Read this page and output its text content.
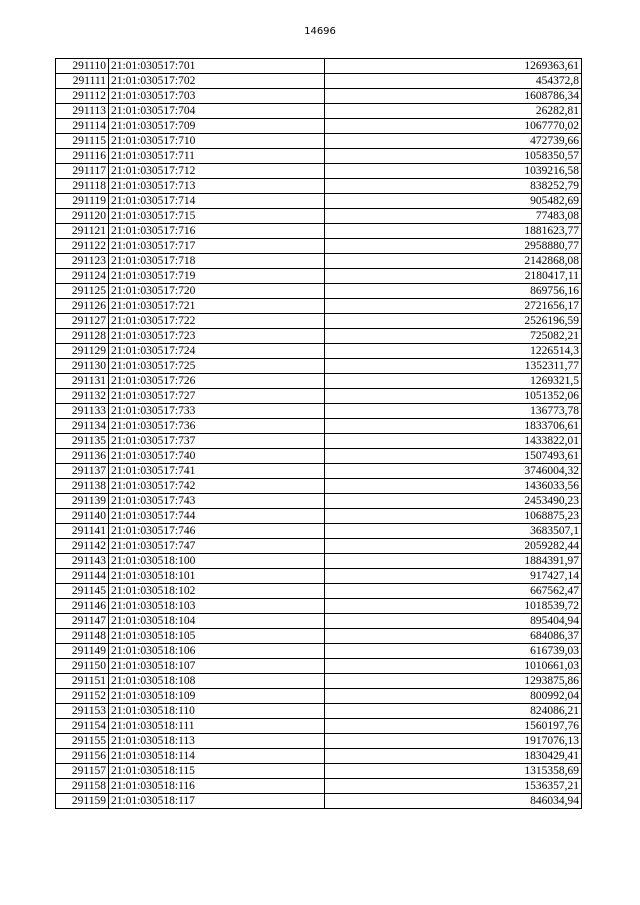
14696
291110	21:01:030517:701	1269363,61
291111	21:01:030517:702	454372,8
291112	21:01:030517:703	1608786,34
291113	21:01:030517:704	26282,81
291114	21:01:030517:709	1067770,02
291115	21:01:030517:710	472739,66
291116	21:01:030517:711	1058350,57
291117	21:01:030517:712	1039216,58
291118	21:01:030517:713	838252,79
291119	21:01:030517:714	905482,69
291120	21:01:030517:715	77483,08
291121	21:01:030517:716	1881623,77
291122	21:01:030517:717	2958880,77
291123	21:01:030517:718	2142868,08
291124	21:01:030517:719	2180417,11
291125	21:01:030517:720	869756,16
291126	21:01:030517:721	2721656,17
291127	21:01:030517:722	2526196,59
291128	21:01:030517:723	725082,21
291129	21:01:030517:724	1226514,3
291130	21:01:030517:725	1352311,77
291131	21:01:030517:726	1269321,5
291132	21:01:030517:727	1051352,06
291133	21:01:030517:733	136773,78
291134	21:01:030517:736	1833706,61
291135	21:01:030517:737	1433822,01
291136	21:01:030517:740	1507493,61
291137	21:01:030517:741	3746004,32
291138	21:01:030517:742	1436033,56
291139	21:01:030517:743	2453490,23
291140	21:01:030517:744	1068875,23
291141	21:01:030517:746	3683507,1
291142	21:01:030517:747	2059282,44
291143	21:01:030518:100	1884391,97
291144	21:01:030518:101	917427,14
291145	21:01:030518:102	667562,47
291146	21:01:030518:103	1018539,72
291147	21:01:030518:104	895404,94
291148	21:01:030518:105	684086,37
291149	21:01:030518:106	616739,03
291150	21:01:030518:107	1010661,03
291151	21:01:030518:108	1293875,86
291152	21:01:030518:109	800992,04
291153	21:01:030518:110	824086,21
291154	21:01:030518:111	1560197,76
291155	21:01:030518:113	1917076,13
291156	21:01:030518:114	1830429,41
291157	21:01:030518:115	1315358,69
291158	21:01:030518:116	1536357,21
291159	21:01:030518:117	846034,94
